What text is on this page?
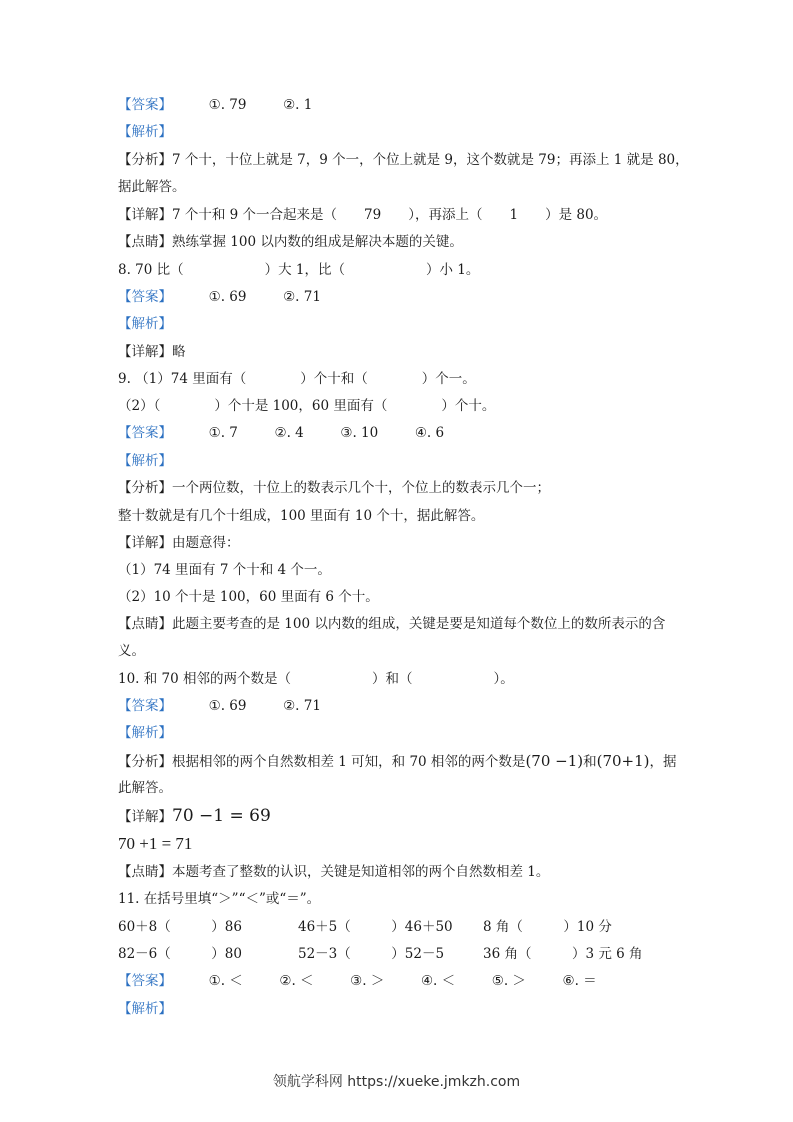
【答案】	①. 79	②. 1
【解析】
【分析】7 个十，十位上就是 7，9 个一，个位上就是 9，这个数就是 79；再添上 1 就是 80，
据此解答。
【详解】7 个十和 9 个一合起来是（　　79　　），再添上（　　1　　）是 80。
【点睛】熟练掌握 100 以内数的组成是解决本题的关键。
8. 70 比（　　　　　　）大 1，比（　　　　　　）小 1。
【答案】	①. 69	②. 71
【解析】
【详解】略
9. （1）74 里面有（　　　　）个十和（　　　　）个一。
（2）（　　　　）个十是 100，60 里面有（　　　　）个十。
【答案】	①. 7	②. 4	③. 10	④. 6
【解析】
【分析】一个两位数，十位上的数表示几个十，个位上的数表示几个一；
整十数就是有几个十组成，100 里面有 10 个十，据此解答。
【详解】由题意得：
（1）74 里面有 7 个十和 4 个一。
（2）10 个十是 100，60 里面有 6 个十。
【点睛】此题主要考查的是 100 以内数的组成，关键是要是知道每个数位上的数所表示的含
义。
10. 和 70 相邻的两个数是（　　　　　　）和（　　　　　　）。
【答案】	①. 69	②. 71
【解析】
【分析】根据相邻的两个自然数相差 1 可知，和 70 相邻的两个数是(70 −1)和(70+1)，据
此解答。
【详解】70 −1 = 69
70 +1 = 71
【点睛】本题考查了整数的认识，关键是知道相邻的两个自然数相差 1。
11. 在括号里填“＞”“＜”或“＝”。
60＋8（　　　）86	46＋5（　　　）46＋50 8 角（　　　）10 分
82－6（　　　）80	52－3（　　　）52－5	36 角（　　　）3 元 6 角
【答案】	①. ＜	②. ＜	③. ＞	④. ＜	⑤. ＞	⑥. ＝
【解析】
领航学科网 https://xueke.jmkzh.com
